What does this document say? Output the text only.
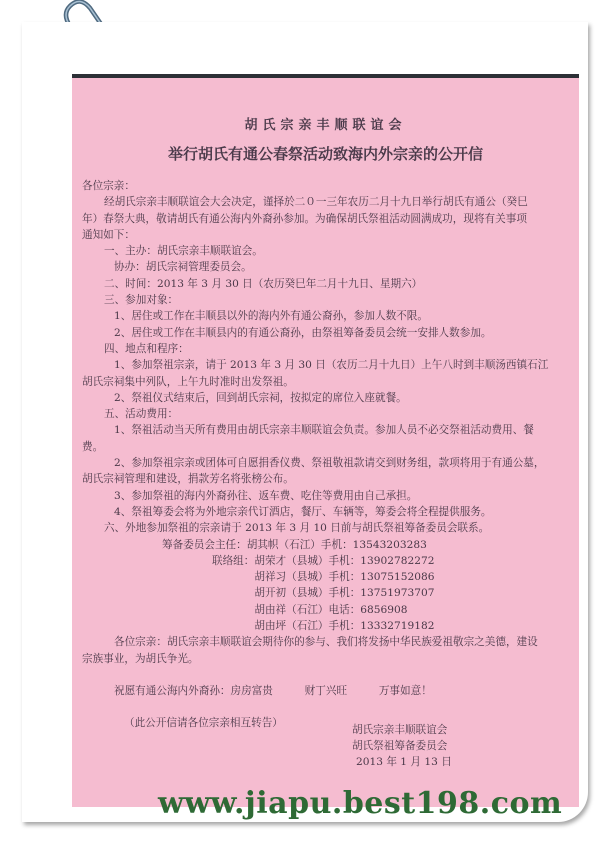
胡氏宗亲丰顺联谊会
举行胡氏有通公春祭活动致海内外宗亲的公开信
各位宗亲：
经胡氏宗亲丰顺联谊会大会决定，谨择於二０一三年农历二月十九日举行胡氏有通公（癸巳
年）春祭大典，敬请胡氏有通公海内外裔孙参加。为确保胡氏祭祖活动圆满成功，现将有关事项
通知如下：
一、主办：胡氏宗亲丰顺联谊会。
协办：胡氏宗祠管理委员会。
二、时间：2013 年 3 月 30 日（农历癸巳年二月十九日、星期六）
三、参加对象：
1、居住或工作在丰顺县以外的海内外有通公裔孙，参加人数不限。
2、居住或工作在丰顺县内的有通公裔孙，由祭祖筹备委员会统一安排人数参加。
四、地点和程序：
1、参加祭祖宗亲，请于 2013 年 3 月 30 日（农历二月十九日）上午八时到丰顺汤西镇石江
胡氏宗祠集中列队，上午九时准时出发祭祖。
2、祭祖仪式结束后，回到胡氏宗祠，按拟定的席位入座就餐。
五、活动费用：
1、祭祖活动当天所有费用由胡氏宗亲丰顺联谊会负责。参加人员不必交祭祖活动费用、餐
费。
2、参加祭祖宗亲或团体可自愿捐香仪费、祭祖敬祖款请交到财务组，款项将用于有通公墓，
胡氏宗祠管理和建设，捐款芳名将张榜公布。
3、参加祭祖的海内外裔孙往、返车费、吃住等费用由自己承担。
4、祭祖筹委会将为外地宗亲代订酒店，餐厅、车辆等，筹委会将全程提供服务。
六、外地参加祭祖的宗亲请于 2013 年 3 月 10 日前与胡氏祭祖筹备委员会联系。
筹备委员会主任：胡其帜（石江）手机：13543203283
联络组：胡荣才（县城）手机：13902782272
　　　　胡祥习（县城）手机：13075152086
　　　　胡开初（县城）手机：13751973707
　　　　胡由祥（石江）电话：6856908
　　　　胡由坪（石江）手机：13332719182
各位宗亲：胡氏宗亲丰顺联谊会期待你的参与、我们将发扬中华民族爱祖敬宗之美德，建设
宗族事业，为胡氏争光。
祝愿有通公海内外裔孙：房房富贵　　　财丁兴旺　　　万事如意！
（此公开信请各位宗亲相互转告）
胡氏宗亲丰顺联谊会
胡氏祭祖筹备委员会
2013 年 1 月 13 日
www.jiapu.best198.com
